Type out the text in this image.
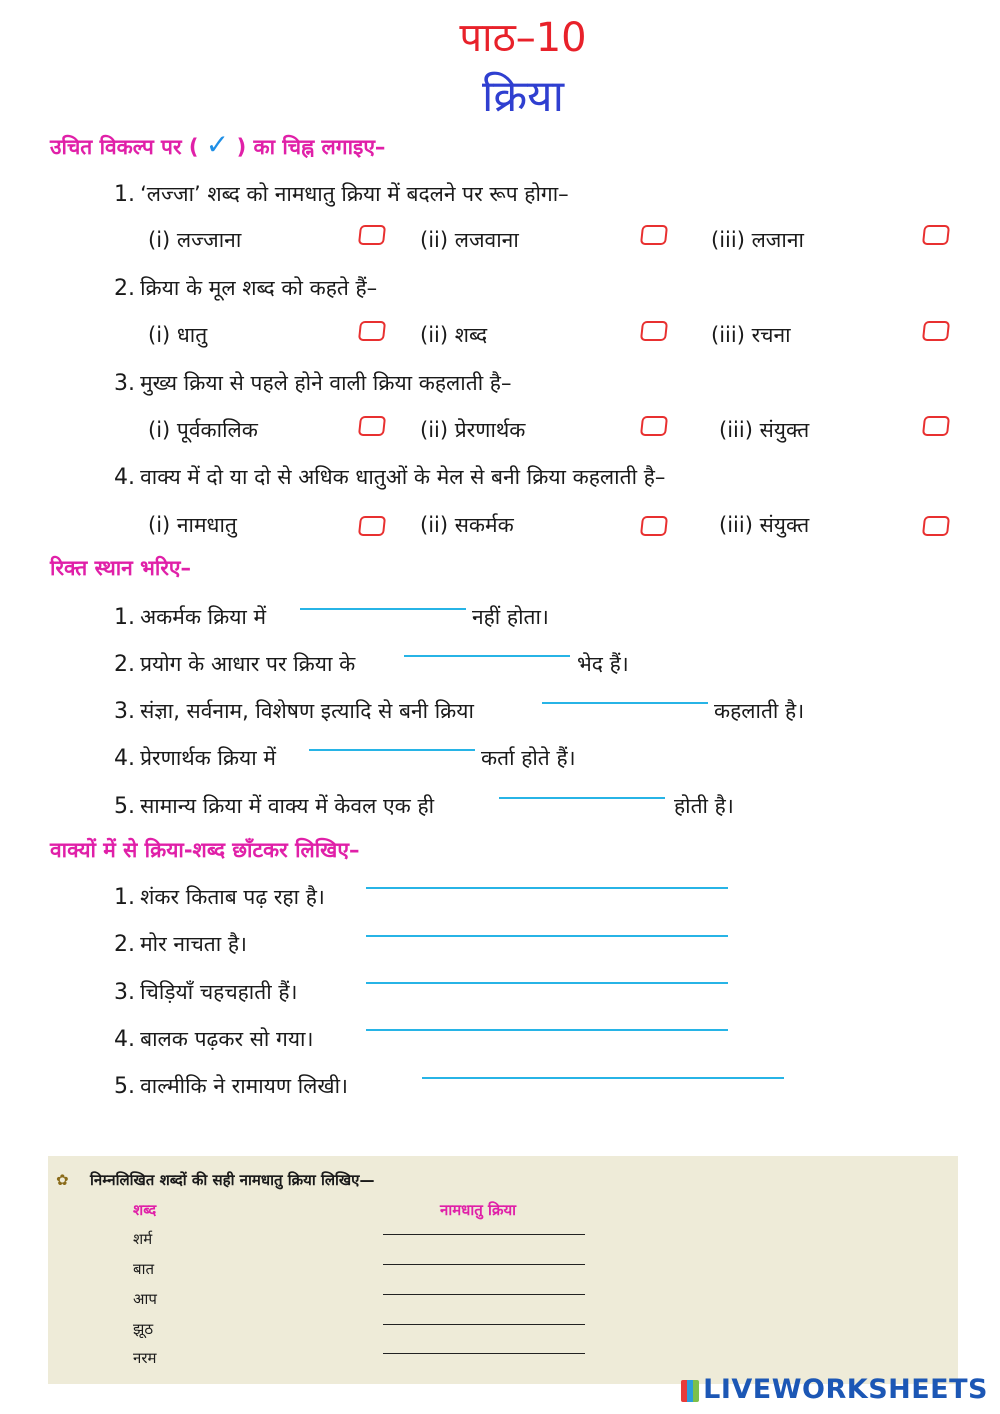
पाठ–10
क्रिया
उचित विकल्प पर ( ✓ ) का चिह्न लगाइए–
1. ‘लज्जा’ शब्द को नामधातु क्रिया में बदलने पर रूप होगा–
(i) लज्जाना	(ii) लजवाना	(iii) लजाना
2. क्रिया के मूल शब्द को कहते हैं–
(i) धातु	(ii) शब्द	(iii) रचना
3. मुख्य क्रिया से पहले होने वाली क्रिया कहलाती है–
(i) पूर्वकालिक	(ii) प्रेरणार्थक	(iii) संयुक्त
4. वाक्य में दो या दो से अधिक धातुओं के मेल से बनी क्रिया कहलाती है–
(i) नामधातु	(ii) सकर्मक	(iii) संयुक्त
रिक्त स्थान भरिए–
1. अकर्मक क्रिया में	नहीं होता।
2. प्रयोग के आधार पर क्रिया के	भेद हैं।
3. संज्ञा, सर्वनाम, विशेषण इत्यादि से बनी क्रिया	कहलाती है।
4. प्रेरणार्थक क्रिया में	कर्ता होते हैं।
5. सामान्य क्रिया में वाक्य में केवल एक ही	होती है।
वाक्यों में से क्रिया-शब्द छाँटकर लिखिए–
1. शंकर किताब पढ़ रहा है।
2. मोर नाचता है।
3. चिड़ियाँ चहचहाती हैं।
4. बालक पढ़कर सो गया।
5. वाल्मीकि ने रामायण लिखी।
✿ निम्नलिखित शब्दों की सही नामधातु क्रिया लिखिए—
शब्द	नामधातु क्रिया
शर्म
बात
आप
झूठ
नरम
LIVEWORKSHEETS
